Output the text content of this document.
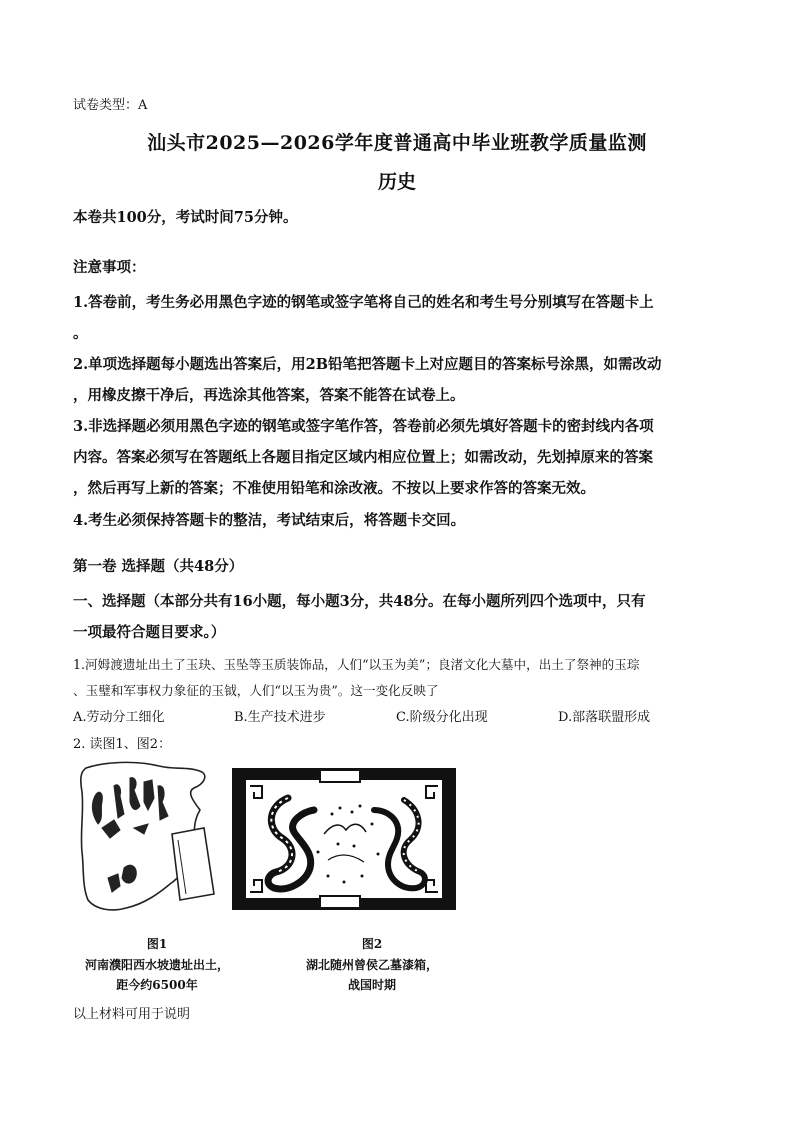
试卷类型：A
汕头市2025—2026学年度普通高中毕业班教学质量监测
历史
本卷共100分，考试时间75分钟。
注意事项：
1.答卷前，考生务必用黑色字迹的钢笔或签字笔将自己的姓名和考生号分别填写在答题卡上
。
2.单项选择题每小题选出答案后，用2B铅笔把答题卡上对应题目的答案标号涂黑，如需改动
，用橡皮擦干净后，再选涂其他答案，答案不能答在试卷上。
3.非选择题必须用黑色字迹的钢笔或签字笔作答，答卷前必须先填好答题卡的密封线内各项
内容。答案必须写在答题纸上各题目指定区域内相应位置上；如需改动，先划掉原来的答案
，然后再写上新的答案；不准使用铅笔和涂改液。不按以上要求作答的答案无效。
4.考生必须保持答题卡的整洁，考试结束后，将答题卡交回。
第一卷 选择题（共48分）
一、选择题（本部分共有16小题，每小题3分，共48分。在每小题所列四个选项中，只有
一项最符合题目要求。）
1.河姆渡遗址出土了玉玦、玉坠等玉质装饰品，人们“以玉为美”；良渚文化大墓中，出土了祭神的玉琮
、玉璧和军事权力象征的玉钺，人们“以玉为贵”。这一变化反映了
A.劳动分工细化	B.生产技术进步	C.阶级分化出现	D.部落联盟形成
2. 读图1、图2：
图1
河南濮阳西水坡遗址出土，
距今约6500年
图2
湖北随州曾侯乙墓漆箱，
战国时期
以上材料可用于说明
